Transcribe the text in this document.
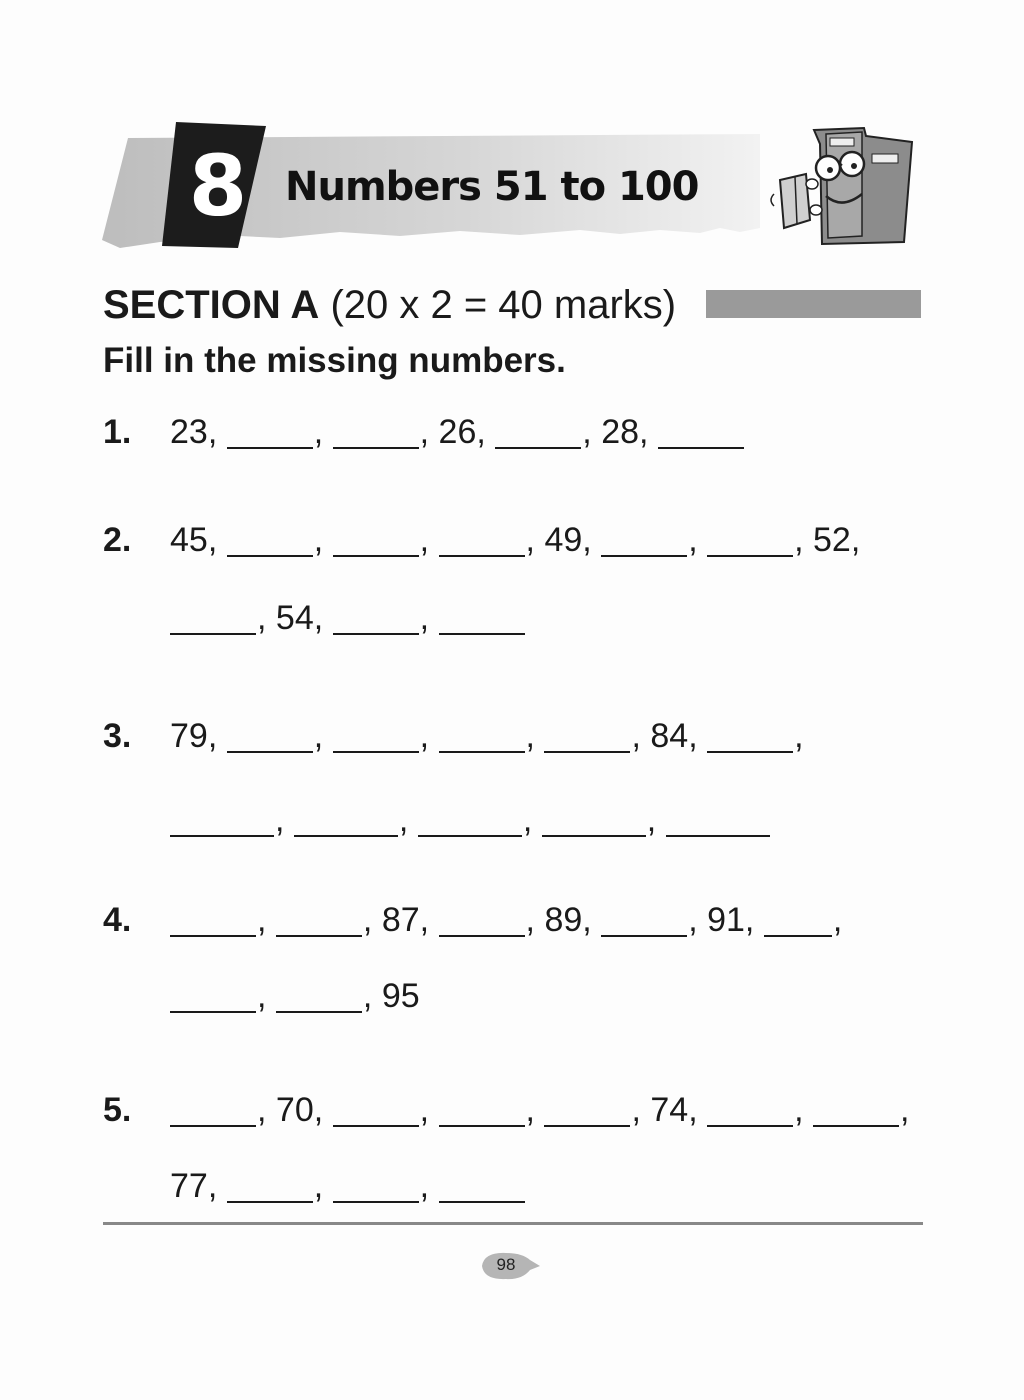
8 Numbers 51 to 100
SECTION A (20 x 2 = 40 marks)
Fill in the missing numbers.
1. 23,	,	, 26,	, 28,
2. 45,	,	,	, 49,	,	, 52,
, 54,	,
3. 79,	,	,	,	, 84,	,
,	,	,	,
4.	,	, 87,	, 89,	, 91, ,
,	, 95
5.	, 70,	,	,	, 74,	,	,
77,	,	,
98
